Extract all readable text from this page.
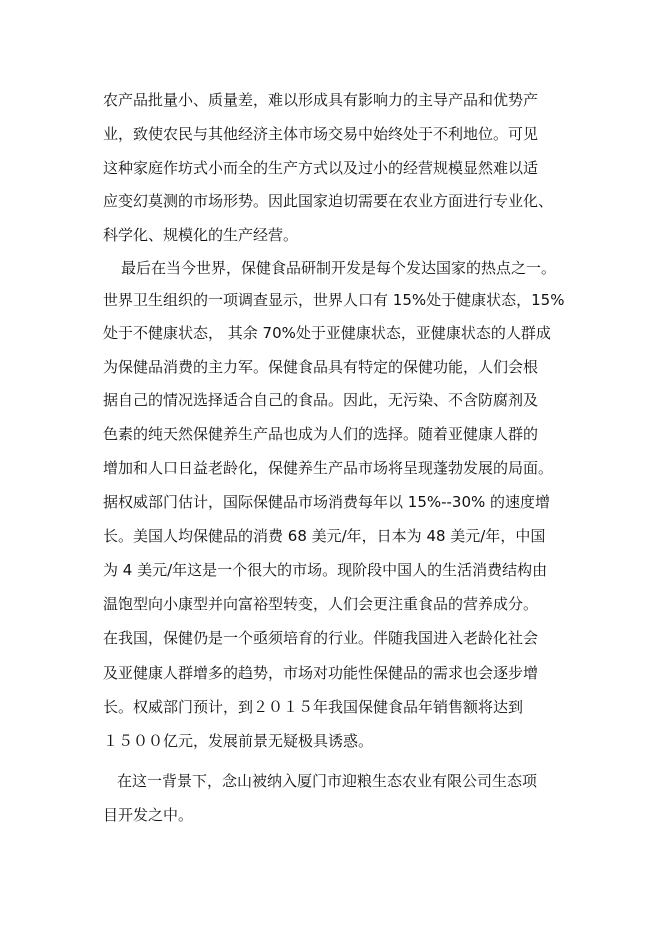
农产品批量小、质量差，难以形成具有影响力的主导产品和优势产
业，致使农民与其他经济主体市场交易中始终处于不利地位。可见
这种家庭作坊式小而全的生产方式以及过小的经营规模显然难以适
应变幻莫测的市场形势。因此国家迫切需要在农业方面进行专业化、
科学化、规模化的生产经营。
最后在当今世界，保健食品研制开发是每个发达国家的热点之一。
世界卫生组织的一项调查显示，世界人口有 15%处于健康状态，15%
处于不健康状态， 其余 70%处于亚健康状态，亚健康状态的人群成
为保健品消费的主力军。保健食品具有特定的保健功能，人们会根
据自己的情况选择适合自己的食品。因此，无污染、不含防腐剂及
色素的纯天然保健养生产品也成为人们的选择。随着亚健康人群的
增加和人口日益老龄化，保健养生产品市场将呈现蓬勃发展的局面。
据权威部门估计，国际保健品市场消费每年以 15%--30% 的速度增
长。美国人均保健品的消费 68 美元/年，日本为 48 美元/年，中国
为 4 美元/年这是一个很大的市场。现阶段中国人的生活消费结构由
温饱型向小康型并向富裕型转变，人们会更注重食品的营养成分。
在我国，保健仍是一个亟须培育的行业。伴随我国进入老龄化社会
及亚健康人群增多的趋势，市场对功能性保健品的需求也会逐步增
长。权威部门预计，到２０１５年我国保健食品年销售额将达到
１５００亿元，发展前景无疑极具诱惑。
在这一背景下，念山被纳入厦门市迎粮生态农业有限公司生态项
目开发之中。
